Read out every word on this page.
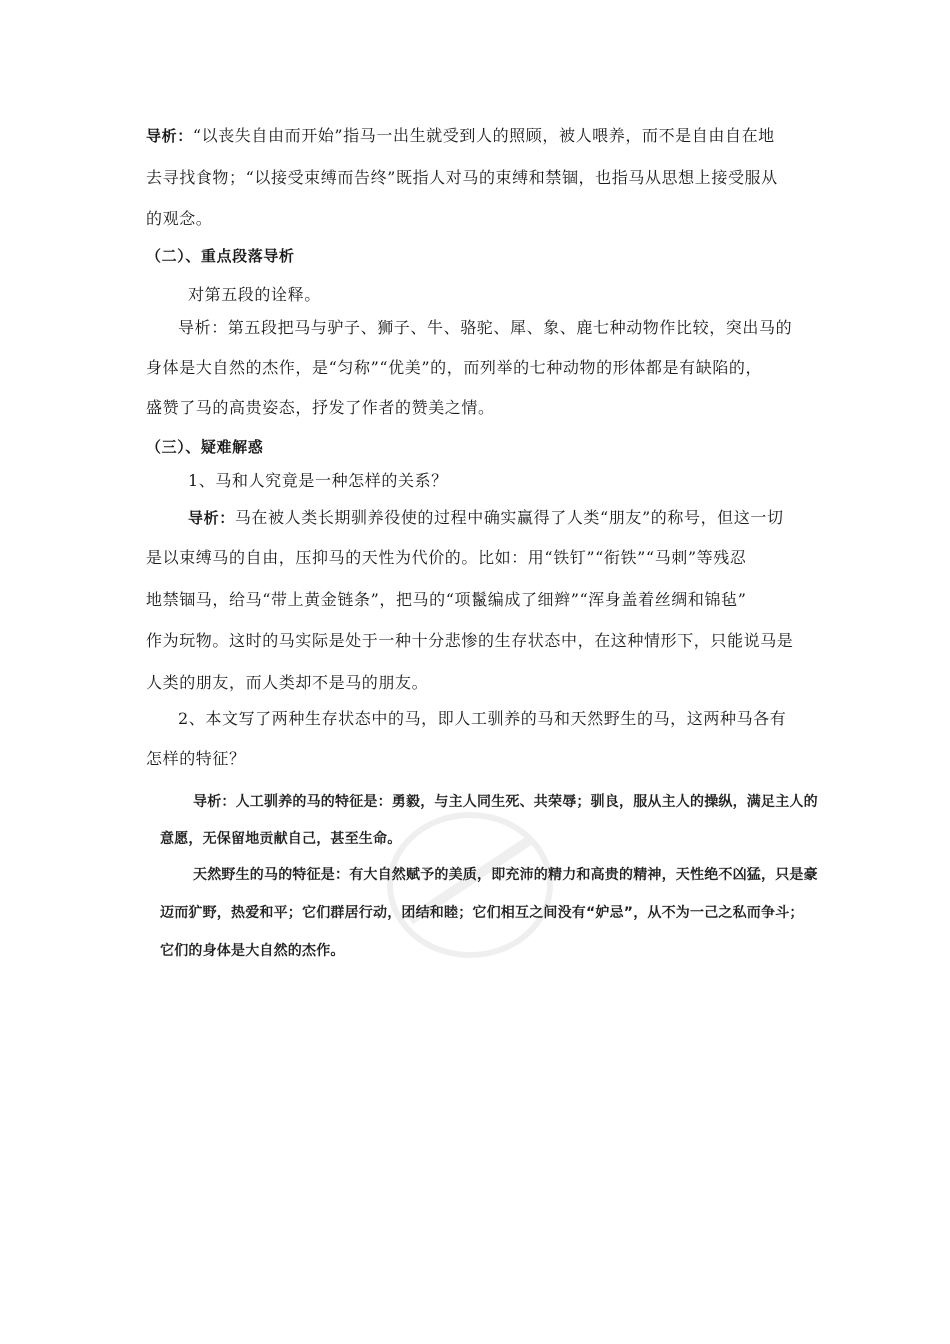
导析：“以丧失自由而开始”指马一出生就受到人的照顾，被人喂养，而不是自由自在地
去寻找食物；“以接受束缚而告终”既指人对马的束缚和禁锢，也指马从思想上接受服从
的观念。
（二）、重点段落导析
对第五段的诠释。
导析：第五段把马与驴子、狮子、牛、骆驼、犀、象、鹿七种动物作比较，突出马的
身体是大自然的杰作，是“匀称”“优美”的，而列举的七种动物的形体都是有缺陷的，
盛赞了马的高贵姿态，抒发了作者的赞美之情。
（三）、疑难解惑
1、马和人究竟是一种怎样的关系？
导析：马在被人类长期驯养役使的过程中确实赢得了人类“朋友”的称号，但这一切
是以束缚马的自由，压抑马的天性为代价的。比如：用“铁钉”“衔铁”“马刺”等残忍
地禁锢马，给马“带上黄金链条”，把马的“项鬣编成了细辫”“浑身盖着丝绸和锦毡”
作为玩物。这时的马实际是处于一种十分悲惨的生存状态中，在这种情形下，只能说马是
人类的朋友，而人类却不是马的朋友。
2、本文写了两种生存状态中的马，即人工驯养的马和天然野生的马，这两种马各有
怎样的特征？
导析：人工驯养的马的特征是：勇毅，与主人同生死、共荣辱；驯良，服从主人的操纵，满足主人的
意愿，无保留地贡献自己，甚至生命。
天然野生的马的特征是：有大自然赋予的美质，即充沛的精力和高贵的精神，天性绝不凶猛，只是豪
迈而犷野，热爱和平；它们群居行动，团结和睦；它们相互之间没有“妒忌”，从不为一己之私而争斗；
它们的身体是大自然的杰作。
